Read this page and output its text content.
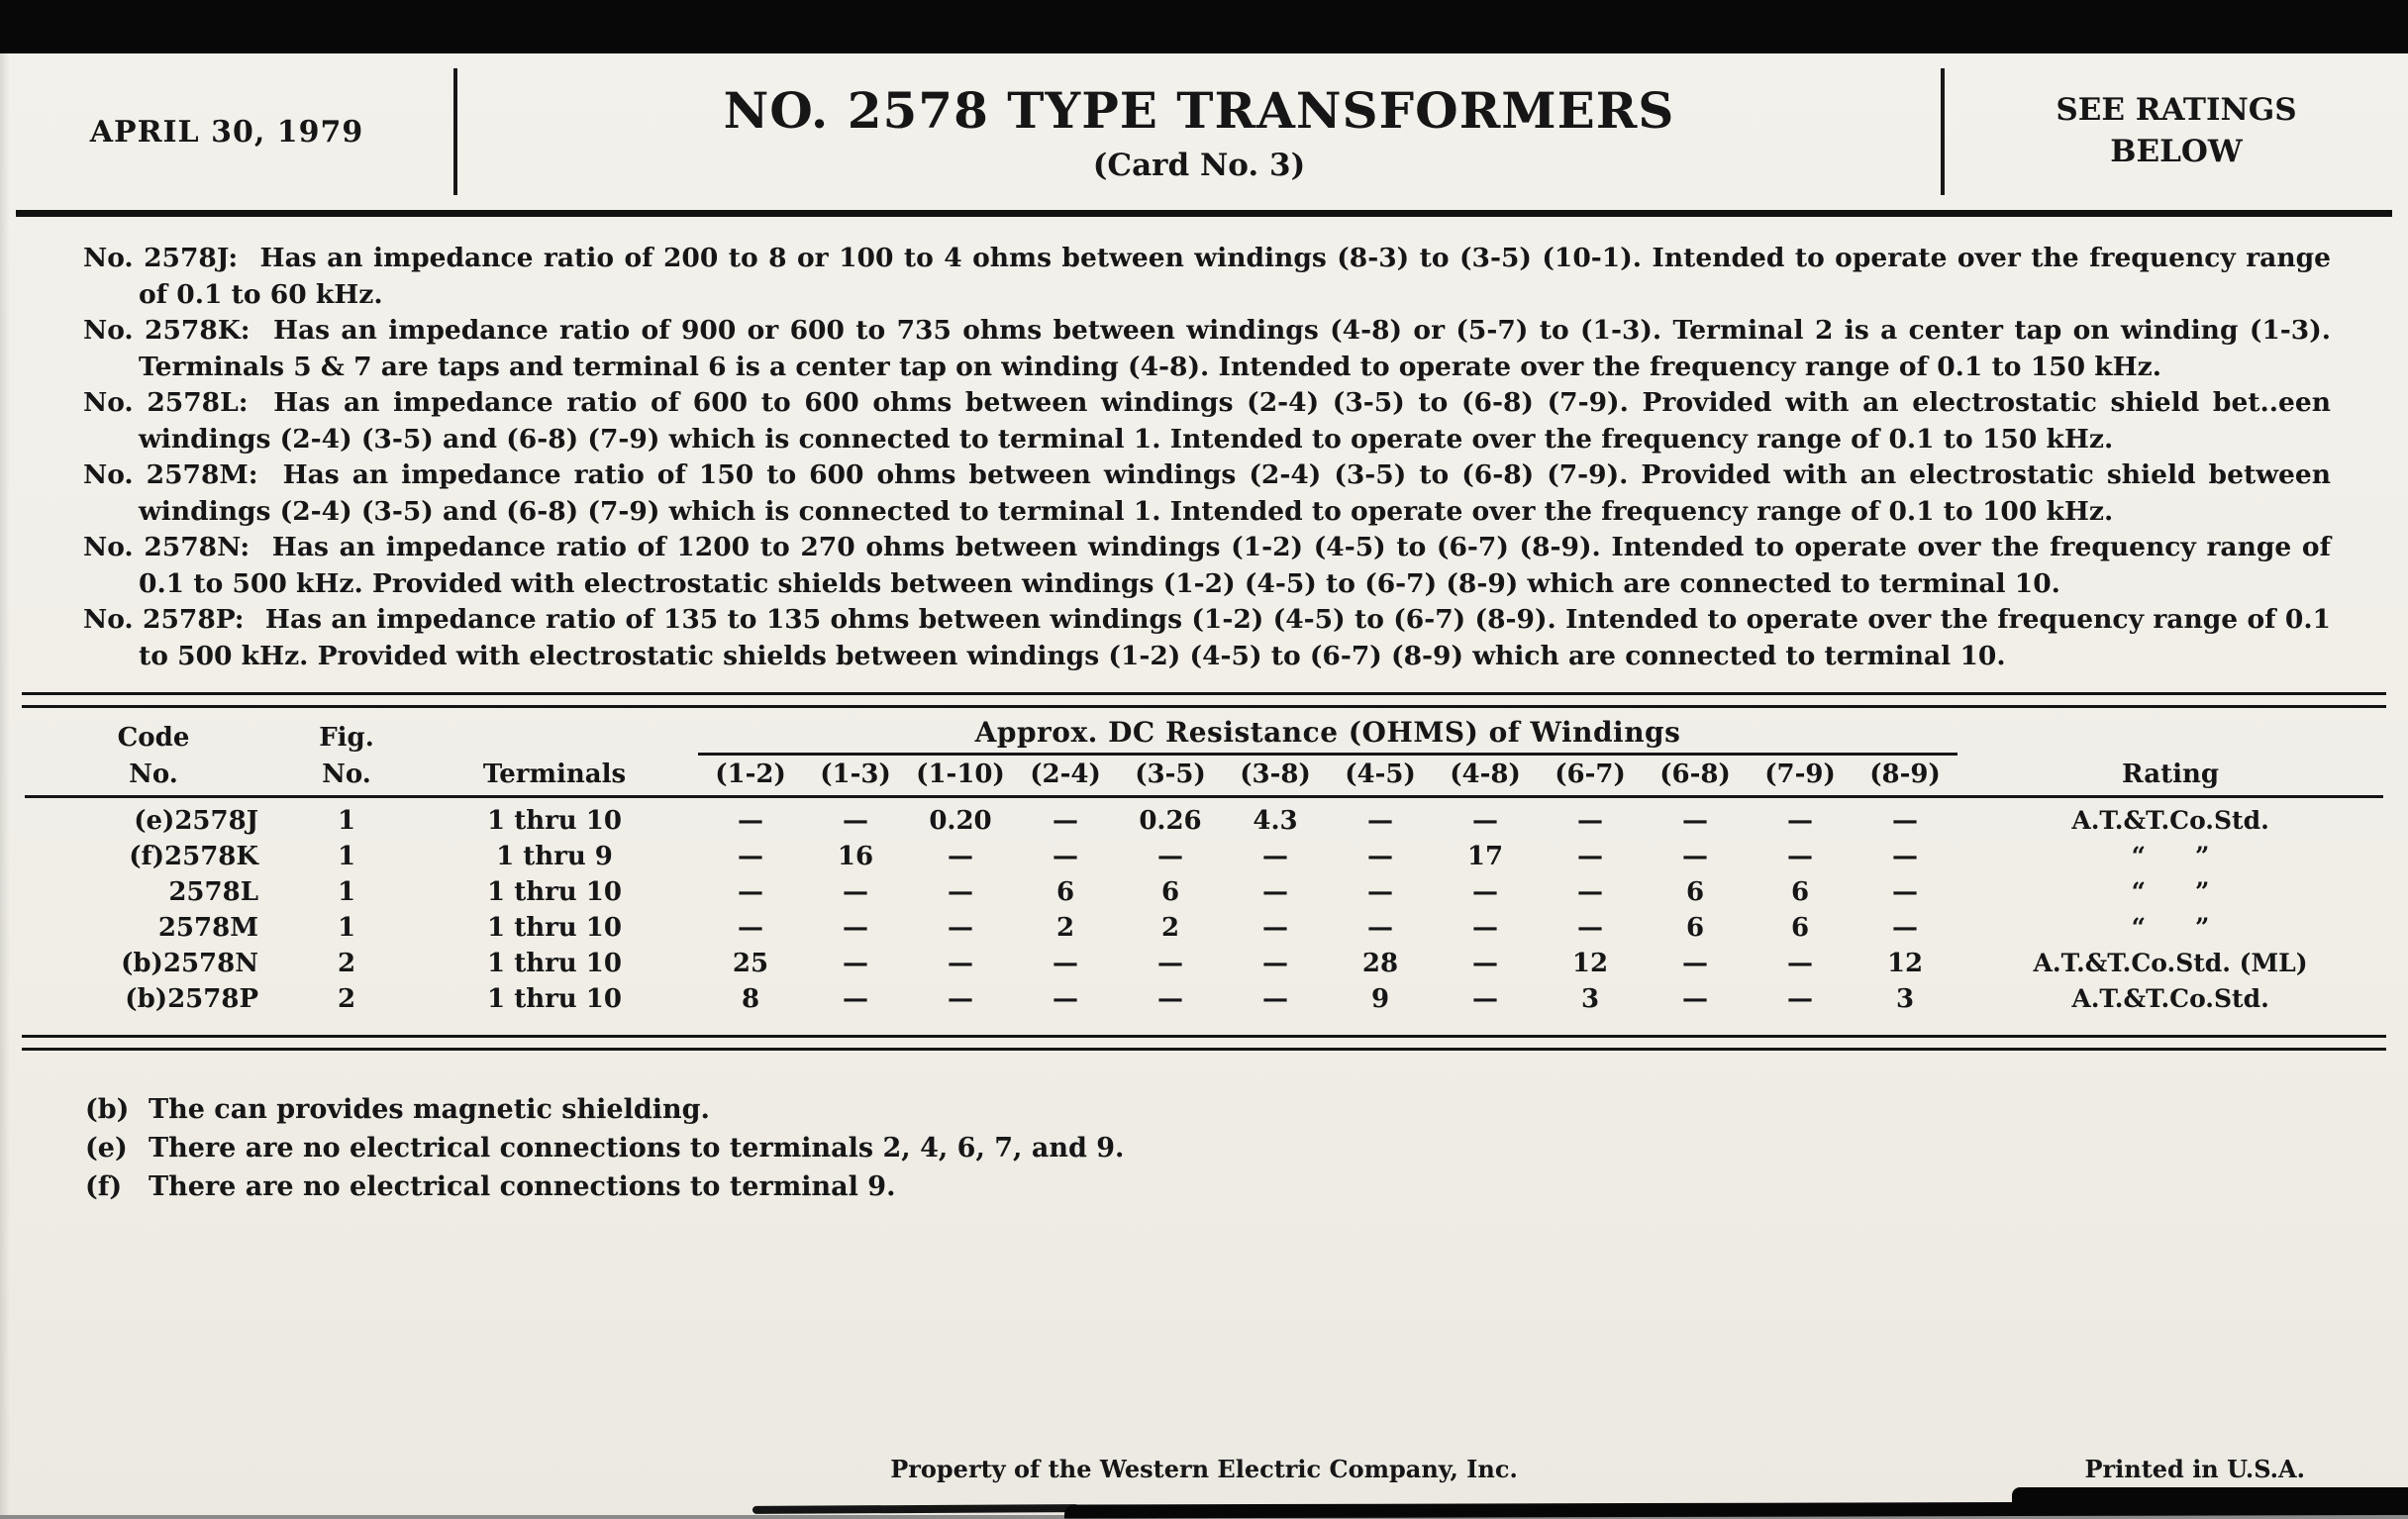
APRIL 30, 1979	NO. 2578 TYPE TRANSFORMERS
(Card No. 3)
SEE RATINGS
BELOW

No. 2578J: Has an impedance ratio of 200 to 8 or 100 to 4 ohms between windings (8-3) to (3-5) (10-1). Intended to operate over the frequency range of 0.1 to 60 kHz.

No. 2578K: Has an impedance ratio of 900 or 600 to 735 ohms between windings (4-8) or (5-7) to (1-3). Terminal 2 is a center tap on winding (1-3). Terminals 5 & 7 are taps and terminal 6 is a center tap on winding (4-8). Intended to operate over the frequency range of 0.1 to 150 kHz.

No. 2578L: Has an impedance ratio of 600 to 600 ohms between windings (2-4) (3-5) to (6-8) (7-9). Provided with an electrostatic shield bet..een windings (2-4) (3-5) and (6-8) (7-9) which is connected to terminal 1. Intended to operate over the frequency range of 0.1 to 150 kHz.

No. 2578M: Has an impedance ratio of 150 to 600 ohms between windings (2-4) (3-5) to (6-8) (7-9). Provided with an electrostatic shield between windings (2-4) (3-5) and (6-8) (7-9) which is connected to terminal 1. Intended to operate over the frequency range of 0.1 to 100 kHz.

No. 2578N: Has an impedance ratio of 1200 to 270 ohms between windings (1-2) (4-5) to (6-7) (8-9). Intended to operate over the frequency range of 0.1 to 500 kHz. Provided with electrostatic shields between windings (1-2) (4-5) to (6-7) (8-9) which are connected to terminal 10.

No. 2578P: Has an impedance ratio of 135 to 135 ohms between windings (1-2) (4-5) to (6-7) (8-9). Intended to operate over the frequency range of 0.1 to 500 kHz. Provided with electrostatic shields between windings (1-2) (4-5) to (6-7) (8-9) which are connected to terminal 10.

Code	Fig.		Approx. DC Resistance (OHMS) of Windings												
No.	No.	Terminals	(1-2)	(1-3)	(1-10)	(2-4)	(3-5)	(3-8)	(4-5)	(4-8)	(6-7)	(6-8)	(7-9)	(8-9)	Rating
(e)2578J	1	1 thru 10	—	—	0.20	—	0.26	4.3	—	—	—	—	—	—	A.T.&T.Co.Std.
(f)2578K	1	1 thru 9	—	16	—	—	—	—	—	17	—	—	—	—	“  ”
2578L	1	1 thru 10	—	—	—	6	6	—	—	—	—	6	6	—	“  ”
2578M	1	1 thru 10	—	—	—	2	2	—	—	—	—	6	6	—	“  ”
(b)2578N	2	1 thru 10	25	—	—	—	—	—	28	—	12	—	—	12	A.T.&T.Co.Std. (ML)
(b)2578P	2	1 thru 10	8	—	—	—	—	—	9	—	3	—	—	3	A.T.&T.Co.Std.

(b) The can provides magnetic shielding.

(e) There are no electrical connections to terminals 2, 4, 6, 7, and 9.

(f) There are no electrical connections to terminal 9.

Property of the Western Electric Company, Inc.	Printed in U.S.A.
